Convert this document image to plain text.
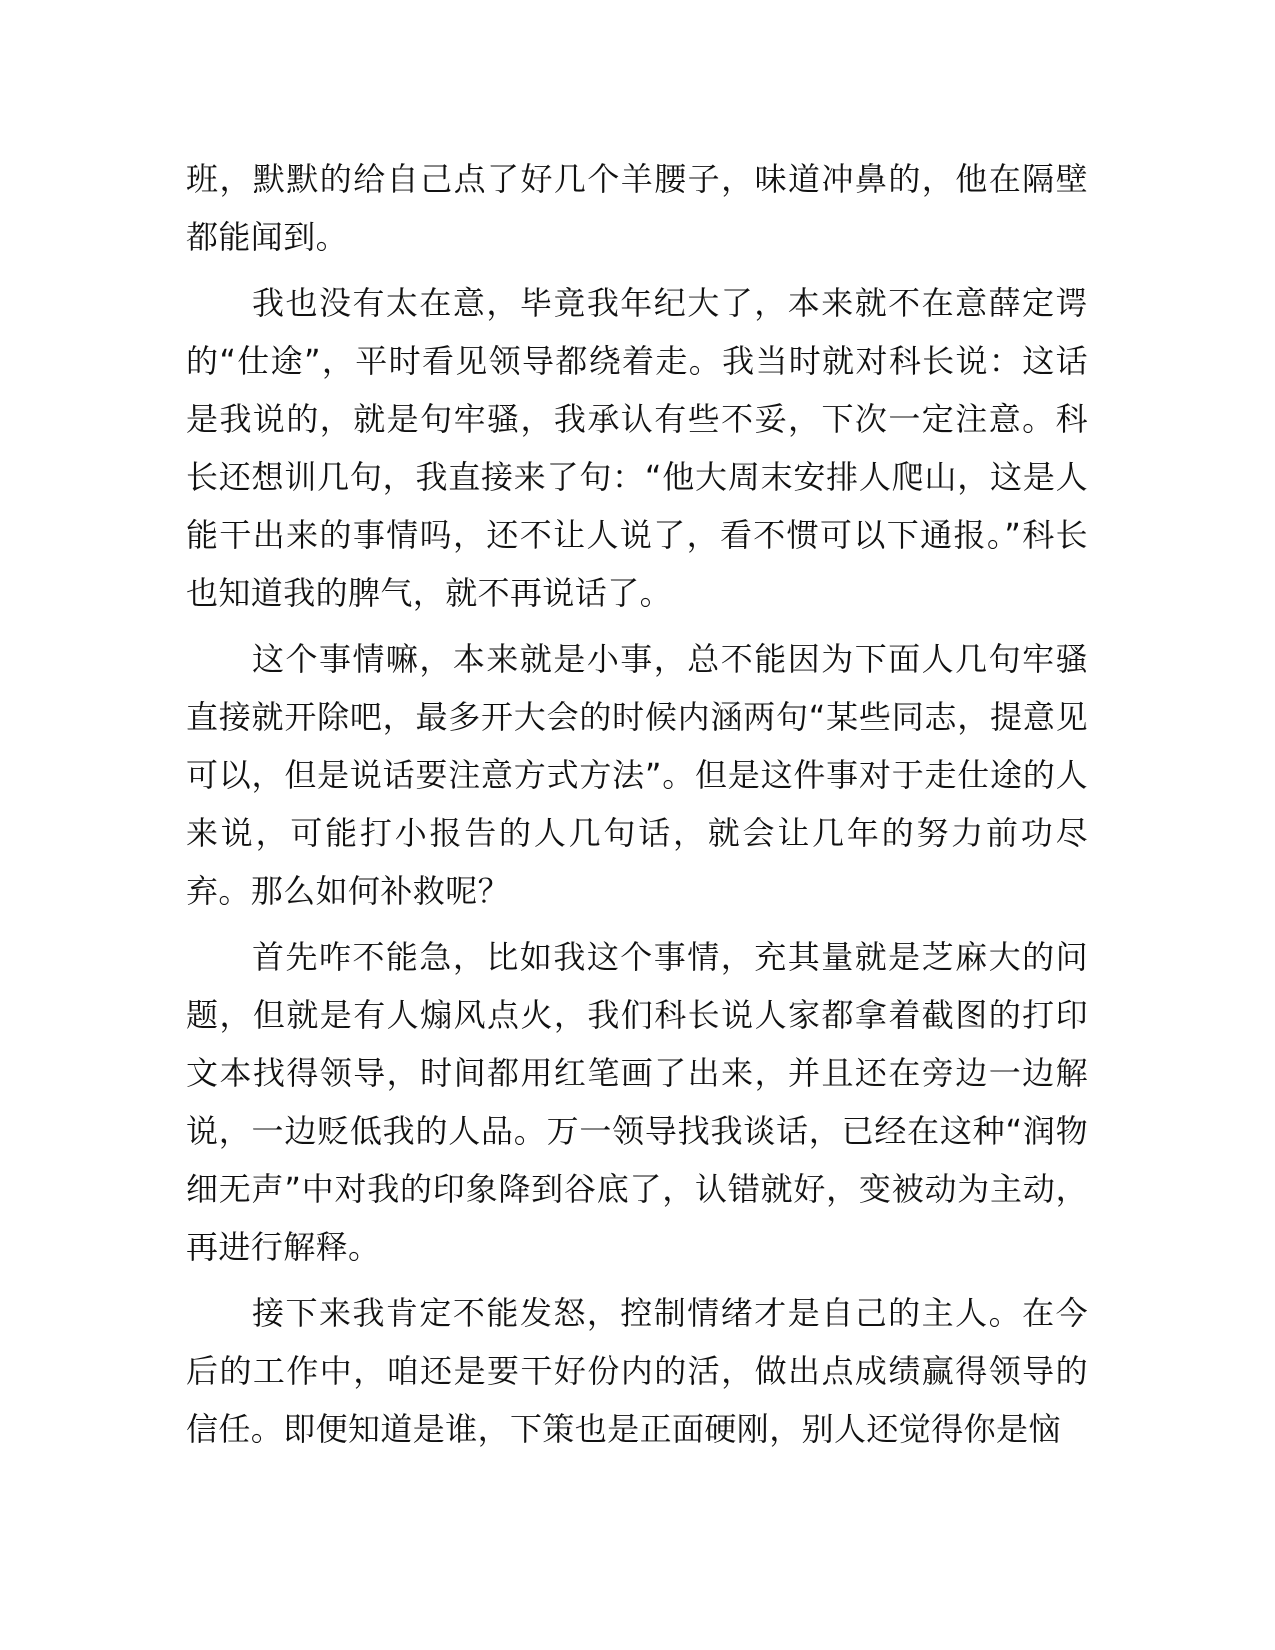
班，默默的给自己点了好几个羊腰子，味道冲鼻的，他在隔壁都能闻到。

我也没有太在意，毕竟我年纪大了，本来就不在意薛定谔的“仕途”，平时看见领导都绕着走。我当时就对科长说：这话是我说的，就是句牢骚，我承认有些不妥，下次一定注意。科长还想训几句，我直接来了句：“他大周末安排人爬山，这是人能干出来的事情吗，还不让人说了，看不惯可以下通报。”科长也知道我的脾气，就不再说话了。

这个事情嘛，本来就是小事，总不能因为下面人几句牢骚直接就开除吧，最多开大会的时候内涵两句“某些同志，提意见可以，但是说话要注意方式方法”。但是这件事对于走仕途的人来说，可能打小报告的人几句话，就会让几年的努力前功尽弃。那么如何补救呢？

首先咋不能急，比如我这个事情，充其量就是芝麻大的问题，但就是有人煽风点火，我们科长说人家都拿着截图的打印文本找得领导，时间都用红笔画了出来，并且还在旁边一边解说，一边贬低我的人品。万一领导找我谈话，已经在这种“润物细无声”中对我的印象降到谷底了，认错就好，变被动为主动，再进行解释。

接下来我肯定不能发怒，控制情绪才是自己的主人。在今后的工作中，咱还是要干好份内的活，做出点成绩赢得领导的信任。即便知道是谁，下策也是正面硬刚，别人还觉得你是恼
